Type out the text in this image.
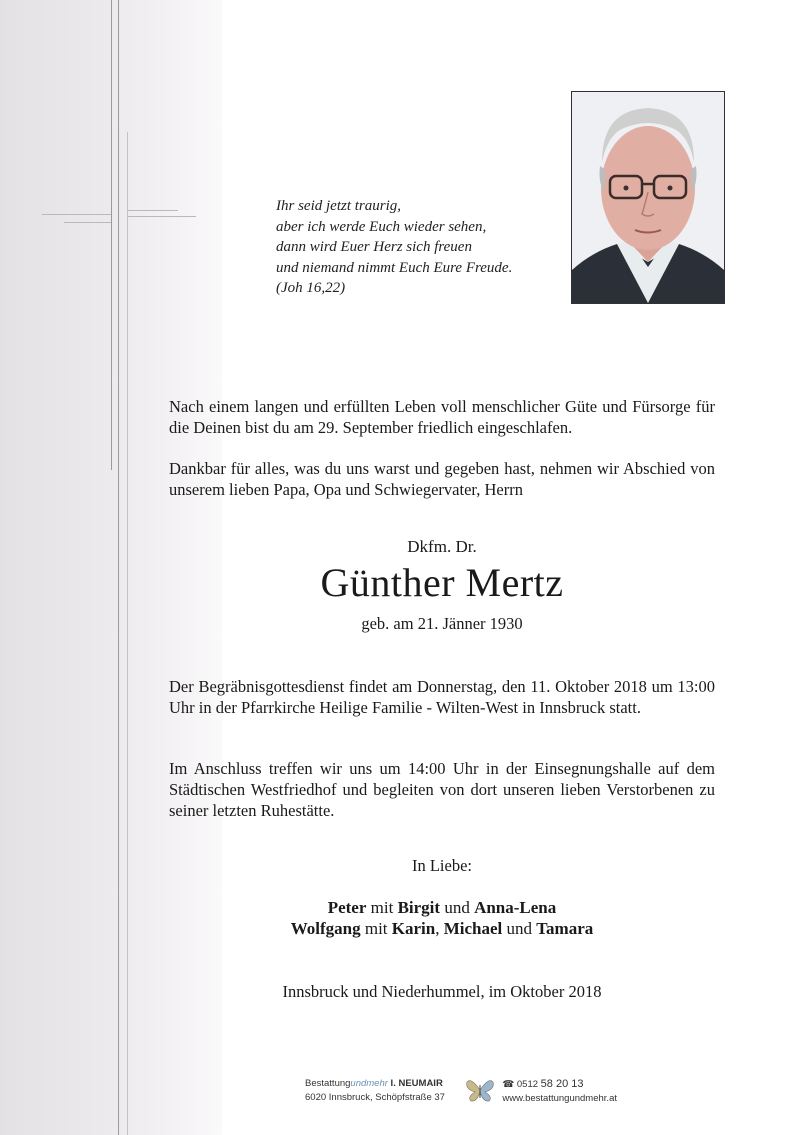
Ihr seid jetzt traurig,
aber ich werde Euch wieder sehen,
dann wird Euer Herz sich freuen
und niemand nimmt Euch Eure Freude.
(Joh 16,22)
Nach einem langen und erfüllten Leben voll menschlicher Güte und Fürsorge für die Deinen bist du am 29. September friedlich eingeschlafen.
Dankbar für alles, was du uns warst und gegeben hast, nehmen wir Abschied von unserem lieben Papa, Opa und Schwiegervater, Herrn
Dkfm. Dr.
Günther Mertz
geb. am 21. Jänner 1930
Der Begräbnisgottesdienst findet am Donnerstag, den 11. Oktober 2018 um 13:00 Uhr in der Pfarrkirche Heilige Familie - Wilten-West in Innsbruck statt.
Im Anschluss treffen wir uns um 14:00 Uhr in der Einsegnungshalle auf dem Städtischen Westfriedhof und begleiten von dort unseren lieben Verstorbenen zu seiner letzten Ruhestätte.
In Liebe:
Peter mit Birgit und Anna-Lena
Wolfgang mit Karin, Michael und Tamara
Innsbruck und Niederhummel, im Oktober 2018
Bestattungundmehr I. NEUMAIR
6020 Innsbruck, Schöpfstraße 37
☎ 0512 58 20 13
www.bestattungundmehr.at
